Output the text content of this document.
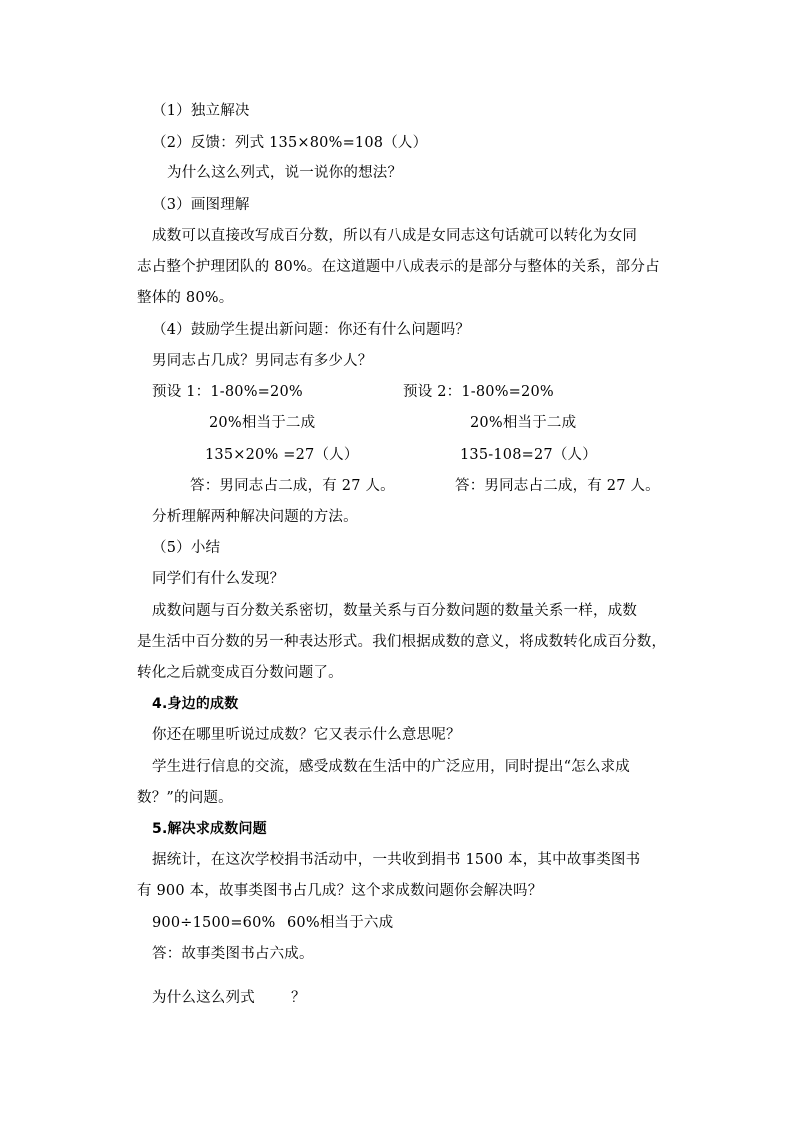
（1）独立解决
（2）反馈：列式 135×80%=108（人）
为什么这么列式，说一说你的想法？
（3）画图理解
成数可以直接改写成百分数，所以有八成是女同志这句话就可以转化为女同
志占整个护理团队的 80%。在这道题中八成表示的是部分与整体的关系，部分占
整体的 80%。
（4）鼓励学生提出新问题：你还有什么问题吗？
男同志占几成？男同志有多少人？
预设 1：1-80%=20%	预设 2：1-80%=20%
20%相当于二成	20%相当于二成
135×20% =27（人）	135-108=27（人）
答：男同志占二成，有 27 人。	答：男同志占二成，有 27 人。
分析理解两种解决问题的方法。
（5）小结
同学们有什么发现？
成数问题与百分数关系密切，数量关系与百分数问题的数量关系一样，成数
是生活中百分数的另一种表达形式。我们根据成数的意义，将成数转化成百分数，
转化之后就变成百分数问题了。
4.身边的成数
你还在哪里听说过成数？它又表示什么意思呢？
学生进行信息的交流，感受成数在生活中的广泛应用，同时提出“怎么求成
数？”的问题。
5.解决求成数问题
据统计，在这次学校捐书活动中，一共收到捐书 1500 本，其中故事类图书
有 900 本，故事类图书占几成？这个求成数问题你会解决吗？
900÷1500=60% 60%相当于六成
答：故事类图书占六成。
为什么这么列式 ？
